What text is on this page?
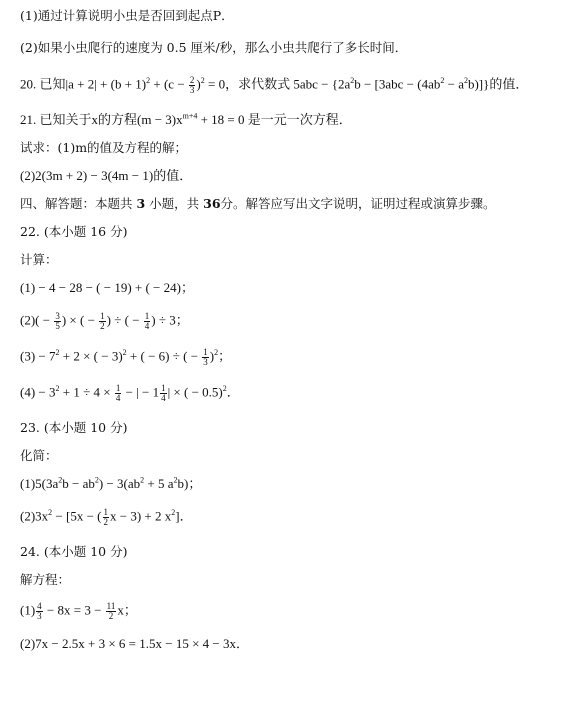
(1)通过计算说明小虫是否回到起点P．
(2)如果小虫爬行的速度为 0.5 厘米/秒，那么小虫共爬行了多长时间．
20. 已知$|a + 2| + (b + 1)^2 + (c - \frac{2}{3} )^2 = 0$，求代数式 $5abc - \{2a^2b - [3abc - (4ab^2 - a^2b)]\}$的值．
21. 已知关于x的方程$(m - 3)x^{m+4} + 18 = 0$ 是一元一次方程．
试求：(1)m的值及方程的解；
(2)2(3m + 2) − 3(4m − 1)的值．
四、解答题：本题共 3 小题，共 36分。解答应写出文字说明，证明过程或演算步骤。
22. (本小题 16 分)
计算：
(1) − 4 − 28 − ( − 19) + ( − 24)；
$(2)( - \frac{3}{5}$ ) × ( − $\frac{1}{2}$ ) ÷ ( − $\frac{1}{4}$ ) ÷ 3；
$(3) - 7^2 + 2$ × ( − 3)$^2$ + ( − 6) ÷ ( − $\frac{1}{3} )^2$；
$(4) - 3^2 + 1 \div 4 \times \frac{1}{4}$ − | − $1 \frac{1}{4}$ | × ( − 0.5)$^2$．
23. (本小题 10 分)
化简：
$(1)5(3a^2b - ab^2) - 3(ab^2 + 5$ $a^2b$)；
$(2)3x^2 - [5x$ − ( $\frac{1}{2}$ x − 3) + 2 $x^2$]．
24. (本小题 10 分)
解方程：
$(1) \frac{4}{3} - 8x = 3 - \frac{11}{2}$ x；
(2)7x − 2.5x + 3 × 6 = 1.5x − 15 × 4 − 3x．
